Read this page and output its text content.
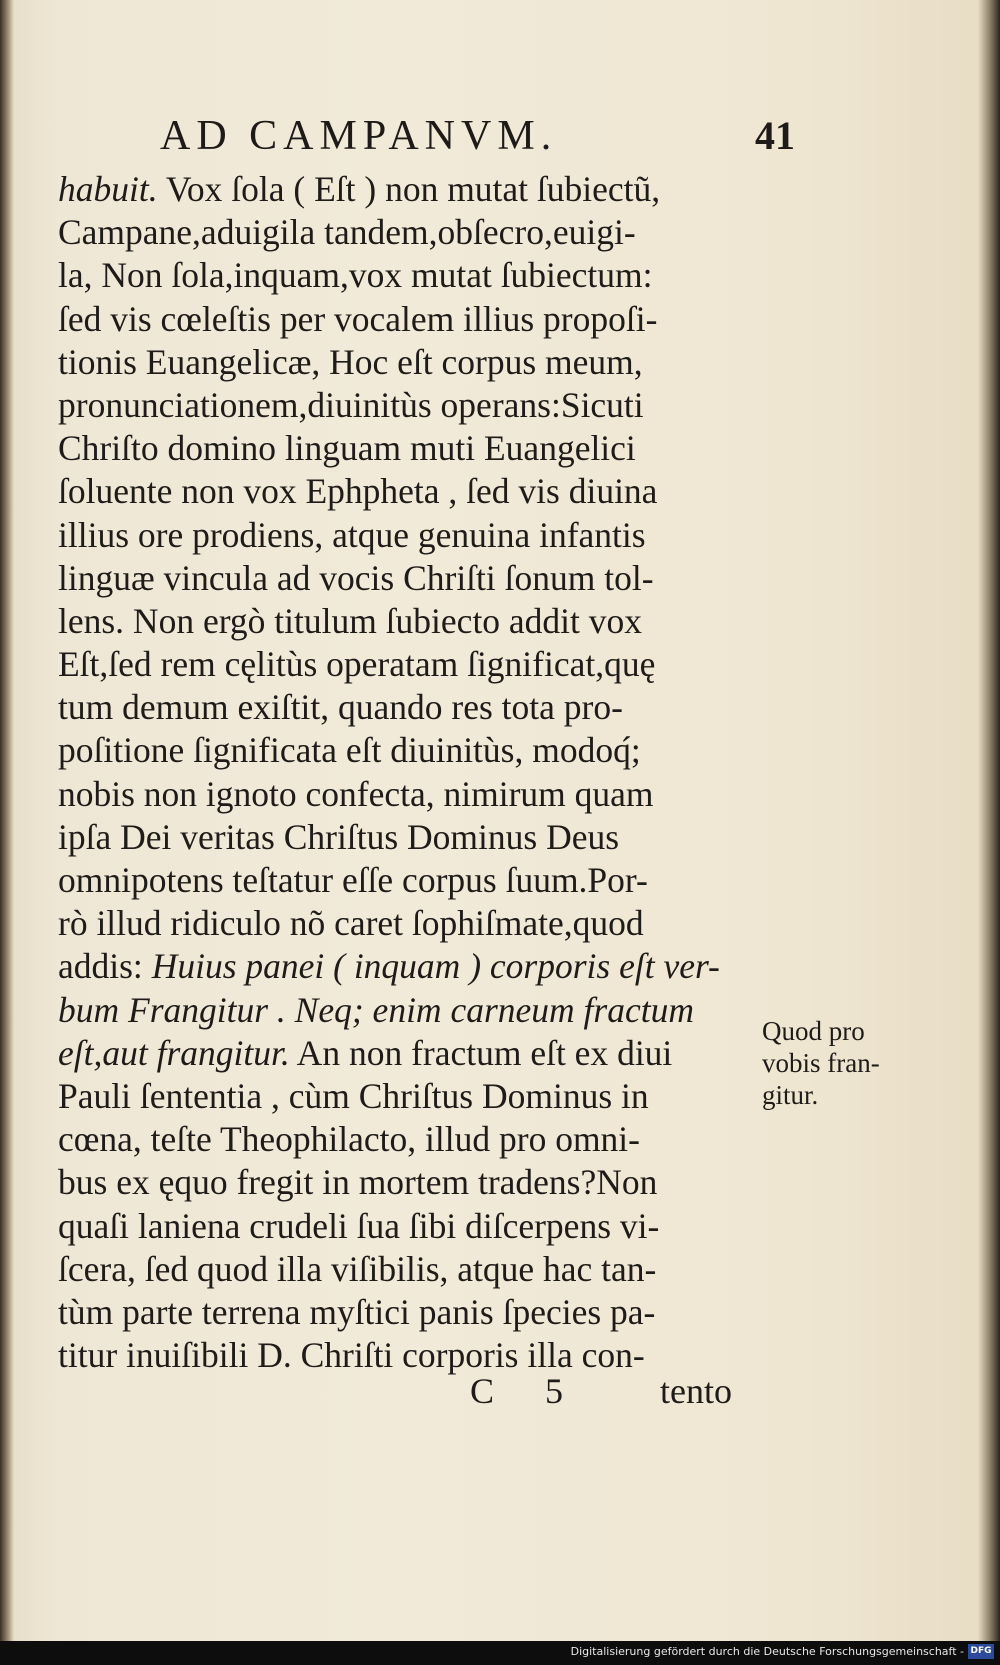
AD CAMPANVM.	41
habuit. Vox ſola ( Eſt ) non mutat ſubiectũ,
Campane,aduigila tandem,obſecro,euigi-
la, Non ſola,inquam,vox mutat ſubiectum:
ſed vis cœleſtis per vocalem illius propoſi-
tionis Euangelicæ, Hoc eſt corpus meum,
pronunciationem,diuinitùs operans:Sicuti
Chriſto domino linguam muti Euangelici
ſoluente non vox Ephpheta , ſed vis diuina
illius ore prodiens, atque genuina infantis
linguæ vincula ad vocis Chriſti ſonum tol-
lens. Non ergò titulum ſubiecto addit vox
Eſt,ſed rem cęlitùs operatam ſignificat,quę
tum demum exiſtit, quando res tota pro-
poſitione ſignificata eſt diuinitùs, modoq́;
nobis non ignoto confecta, nimirum quam
ipſa Dei veritas Chriſtus Dominus Deus
omnipotens teſtatur eſſe corpus ſuum.Por-
rò illud ridiculo nõ caret ſophiſmate,quod
addis: Huius panei ( inquam ) corporis eſt ver-
bum Frangitur . Neq; enim carneum fractum
eſt,aut frangitur. An non fractum eſt ex diui
Pauli ſententia , cùm Chriſtus Dominus in
cœna, teſte Theophilacto, illud pro omni-
bus ex ęquo fregit in mortem tradens?Non
quaſi laniena crudeli ſua ſibi diſcerpens vi-
ſcera, ſed quod illa viſibilis, atque hac tan-
tùm parte terrena myſtici panis ſpecies pa-
titur inuiſibili D. Chriſti corporis illa con-
Quod pro
vobis fran-
gitur.
C 5	tento
Digitalisierung gefördert durch die Deutsche Forschungsgemeinschaft - DFG
